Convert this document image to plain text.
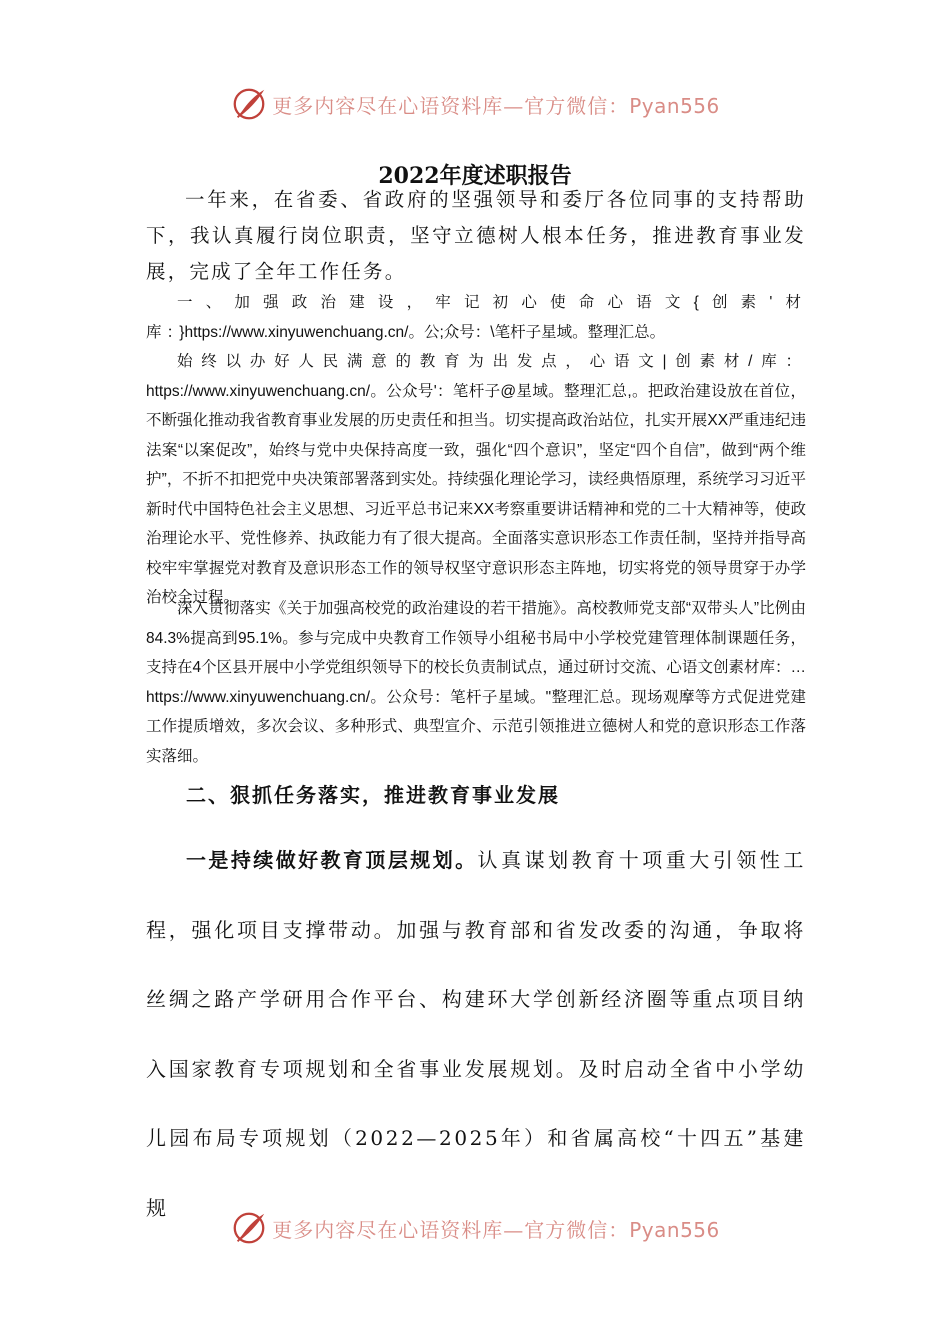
更多内容尽在心语资料库—官方微信：Pyan556
2022年度述职报告

一年来，在省委、省政府的坚强领导和委厅各位同事的支持帮助下，我认真履行岗位职责，坚守立德树人根本任务，推进教育事业发展，完成了全年工作任务。

一、加强政治建设，牢记初心使命心语文{创素'材库：}https://www.xinyuwenchuang.cn/。公;众号：\笔杆子星域。整理汇总。

始终以办好人民满意的教育为出发点，心语文|创素材/库：https://www.xinyuwenchuang.cn/。公众号'：笔杆子@星域。整理汇总,。把政治建设放在首位，不断强化推动我省教育事业发展的历史责任和担当。切实提高政治站位，扎实开展XX严重违纪违法案“以案促改”，始终与党中央保持高度一致，强化“四个意识”，坚定“四个自信”，做到“两个维护”，不折不扣把党中央决策部署落到实处。持续强化理论学习，读经典悟原理，系统学习习近平新时代中国特色社会主义思想、习近平总书记来XX考察重要讲话精神和党的二十大精神等，使政治理论水平、党性修养、执政能力有了很大提高。全面落实意识形态工作责任制，坚持并指导高校牢牢掌握党对教育及意识形态工作的领导权坚守意识形态主阵地，切实将党的领导贯穿于办学治校全过程。

深入贯彻落实《关于加强高校党的政治建设的若干措施》。高校教师党支部“双带头人”比例由84.3%提高到95.1%。参与完成中央教育工作领导小组秘书局中小学校党建管理体制课题任务，支持在4个区县开展中小学党组织领导下的校长负责制试点，通过研讨交流、心语文创素材库：…https://www.xinyuwenchuang.cn/。公众号：笔杆子星域。"整理汇总。现场观摩等方式促进党建工作提质增效，多次会议、多种形式、典型宣介、示范引领推进立德树人和党的意识形态工作落实落细。

二、狠抓任务落实，推进教育事业发展

一是持续做好教育顶层规划。认真谋划教育十项重大引领性工程，强化项目支撑带动。加强与教育部和省发改委的沟通，争取将丝绸之路产学研用合作平台、构建环大学创新经济圈等重点项目纳入国家教育专项规划和全省事业发展规划。及时启动全省中小学幼儿园布局专项规划（2022—2025年）和省属高校“十四五”基建规

更多内容尽在心语资料库—官方微信：Pyan556
